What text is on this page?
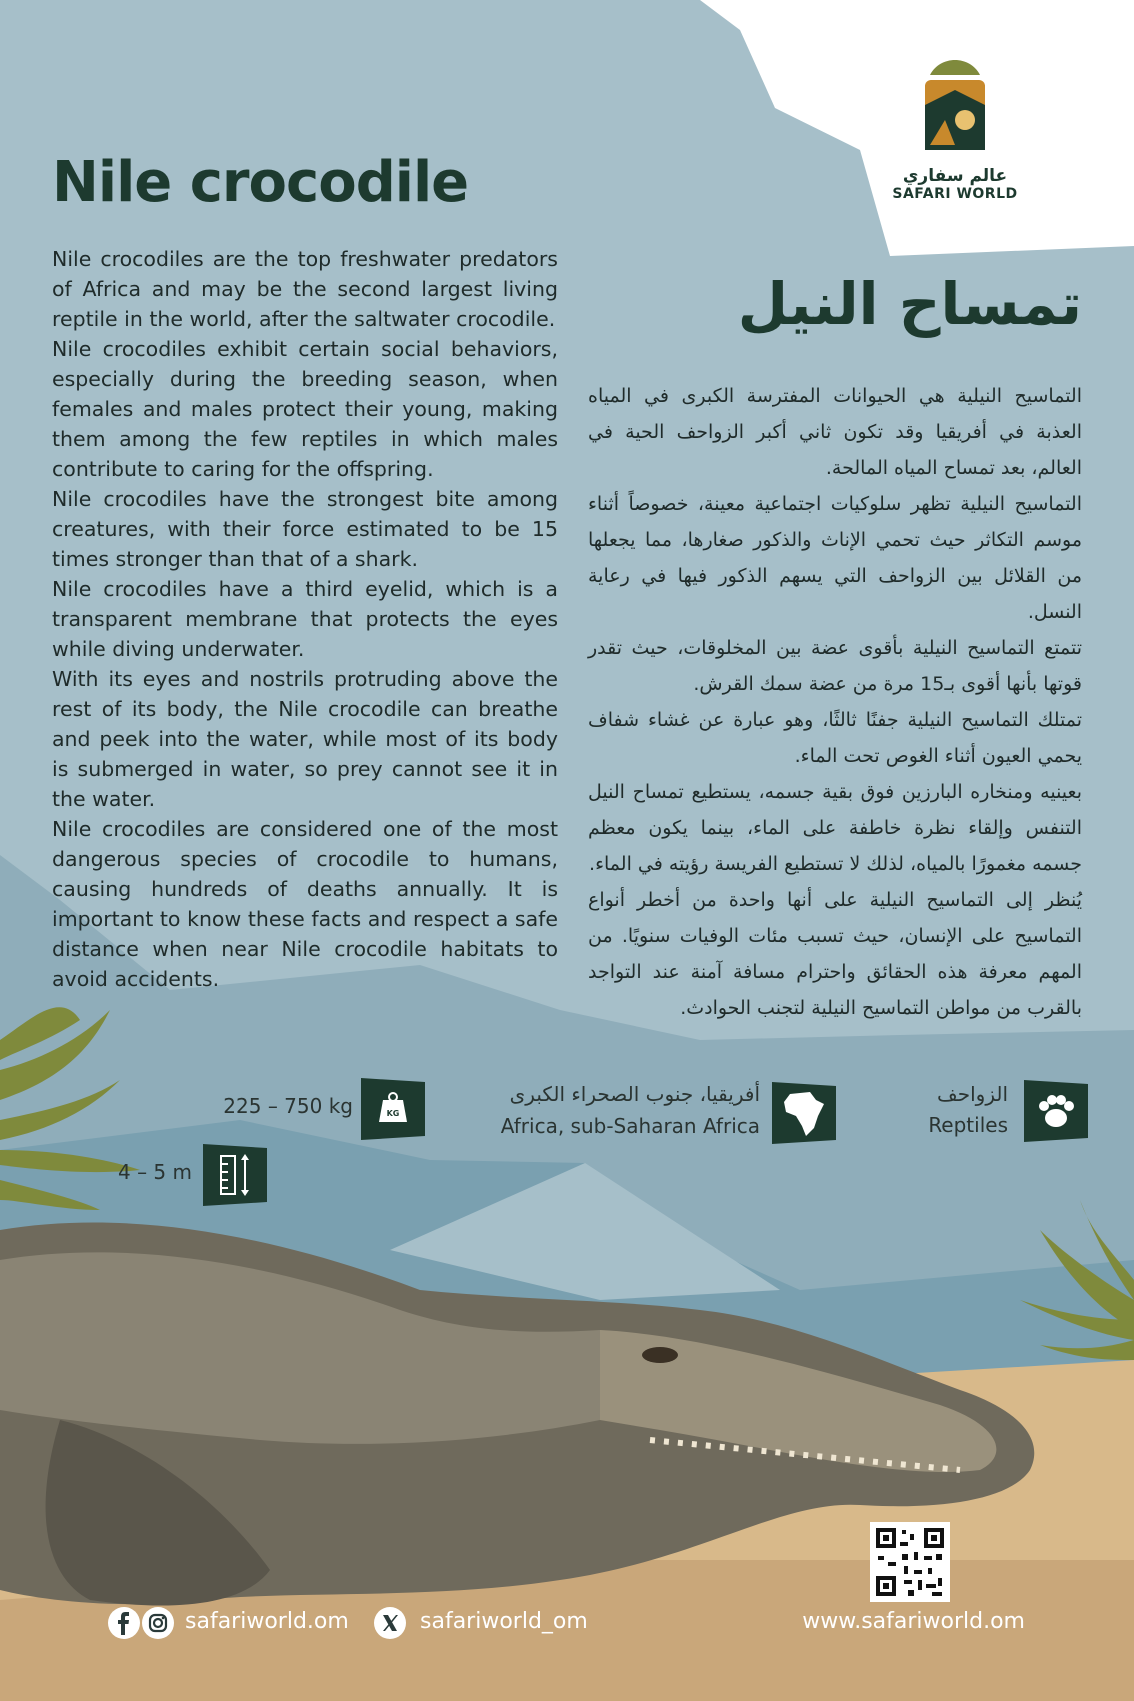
عالم سفاري
SAFARI WORLD
Nile crocodile

Nile crocodiles are the top freshwater predators of Africa and may be the second largest living reptile in the world, after the saltwater crocodile.

Nile crocodiles exhibit certain social behaviors, especially during the breeding season, when females and males protect their young, making them among the few reptiles in which males contribute to caring for the offspring.

Nile crocodiles have the strongest bite among creatures, with their force estimated to be 15 times stronger than that of a shark.

Nile crocodiles have a third eyelid, which is a transparent membrane that protects the eyes while diving underwater.

With its eyes and nostrils protruding above the rest of its body, the Nile crocodile can breathe and peek into the water, while most of its body is submerged in water, so prey cannot see it in the water.

Nile crocodiles are considered one of the most dangerous species of crocodile to humans, causing hundreds of deaths annually. It is important to know these facts and respect a safe distance when near Nile crocodile habitats to avoid accidents.

تمساح النيل

التماسيح النيلية هي الحيوانات المفترسة الكبرى في المياه العذبة في أفريقيا وقد تكون ثاني أكبر الزواحف الحية في العالم، بعد تمساح المياه المالحة.

التماسيح النيلية تظهر سلوكيات اجتماعية معينة، خصوصاً أثناء موسم التكاثر حيث تحمي الإناث والذكور صغارها، مما يجعلها من القلائل بين الزواحف التي يسهم الذكور فيها في رعاية النسل.

تتمتع التماسيح النيلية بأقوى عضة بين المخلوقات، حيث تقدر قوتها بأنها أقوى بـ15 مرة من عضة سمك القرش.

تمتلك التماسيح النيلية جفنًا ثالثًا، وهو عبارة عن غشاء شفاف يحمي العيون أثناء الغوص تحت الماء.

بعينيه ومنخاره البارزين فوق بقية جسمه، يستطيع تمساح النيل التنفس وإلقاء نظرة خاطفة على الماء، بينما يكون معظم جسمه مغمورًا بالمياه، لذلك لا تستطيع الفريسة رؤيته في الماء.

يُنظر إلى التماسيح النيلية على أنها واحدة من أخطر أنواع التماسيح على الإنسان، حيث تسبب مئات الوفيات سنويًا. من المهم معرفة هذه الحقائق واحترام مسافة آمنة عند التواجد بالقرب من مواطن التماسيح النيلية لتجنب الحوادث.

الزواحف
Reptiles
أفريقيا، جنوب الصحراء الكبرى
Africa, sub-Saharan Africa
KG
225 – 750 kg
4 – 5 m
safariworld.om	safariworld_om	www.safariworld.om
